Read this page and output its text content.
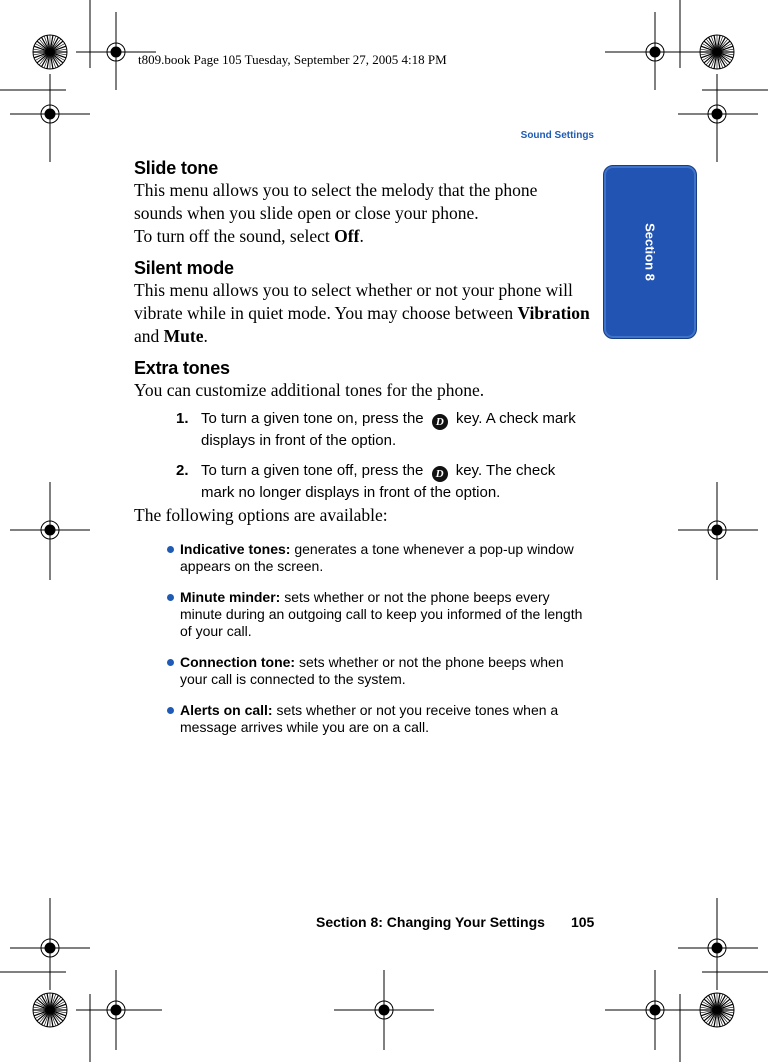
t809.book Page 105 Tuesday, September 27, 2005 4:18 PM
Sound Settings
Section 8
Slide tone

This menu allows you to select the melody that the phone sounds when you slide open or close your phone.

To turn off the sound, select Off.

Silent mode

This menu allows you to select whether or not your phone will vibrate while in quiet mode. You may choose between Vibration and Mute.

Extra tones

You can customize additional tones for the phone.

1. To turn a given tone on, press the D key. A check mark displays in front of the option.
2. To turn a given tone off, press the D key. The check mark no longer displays in front of the option.

The following options are available:

Indicative tones: generates a tone whenever a pop-up window appears on the screen.
Minute minder: sets whether or not the phone beeps every minute during an outgoing call to keep you informed of the length of your call.
Connection tone: sets whether or not the phone beeps when your call is connected to the system.
Alerts on call: sets whether or not you receive tones when a message arrives while you are on a call.
Section 8: Changing Your Settings 105
